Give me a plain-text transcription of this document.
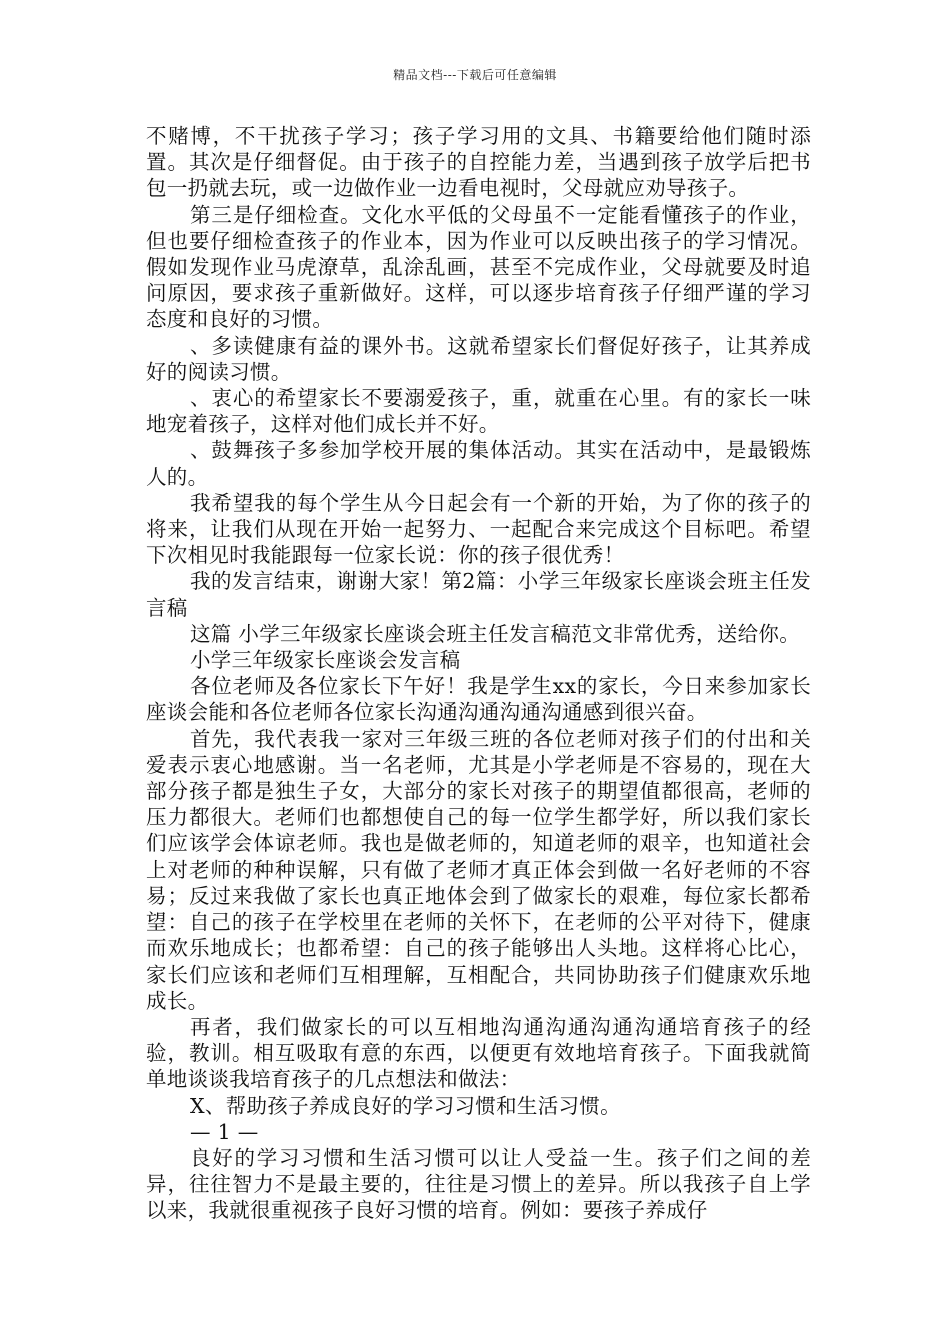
精品文档---下载后可任意编辑

不赌博，不干扰孩子学习；孩子学习用的文具、书籍要给他们随时添置。其次是仔细督促。由于孩子的自控能力差，当遇到孩子放学后把书包一扔就去玩，或一边做作业一边看电视时，父母就应劝导孩子。

第三是仔细检查。文化水平低的父母虽不一定能看懂孩子的作业，但也要仔细检查孩子的作业本，因为作业可以反映出孩子的学习情况。假如发现作业马虎潦草，乱涂乱画，甚至不完成作业，父母就要及时追问原因，要求孩子重新做好。这样，可以逐步培育孩子仔细严谨的学习态度和良好的习惯。

、多读健康有益的课外书。这就希望家长们督促好孩子，让其养成好的阅读习惯。

、衷心的希望家长不要溺爱孩子，重，就重在心里。有的家长一味地宠着孩子，这样对他们成长并不好。

、鼓舞孩子多参加学校开展的集体活动。其实在活动中，是最锻炼人的。

我希望我的每个学生从今日起会有一个新的开始，为了你的孩子的将来，让我们从现在开始一起努力、一起配合来完成这个目标吧。希望下次相见时我能跟每一位家长说：你的孩子很优秀！

我的发言结束，谢谢大家！第2篇：小学三年级家长座谈会班主任发言稿

这篇 小学三年级家长座谈会班主任发言稿范文非常优秀，送给你。

小学三年级家长座谈会发言稿

各位老师及各位家长下午好！我是学生xx的家长，今日来参加家长座谈会能和各位老师各位家长沟通沟通沟通沟通感到很兴奋。

首先，我代表我一家对三年级三班的各位老师对孩子们的付出和关爱表示衷心地感谢。当一名老师，尤其是小学老师是不容易的，现在大部分孩子都是独生子女，大部分的家长对孩子的期望值都很高，老师的压力都很大。老师们也都想使自己的每一位学生都学好，所以我们家长们应该学会体谅老师。我也是做老师的，知道老师的艰辛，也知道社会上对老师的种种误解，只有做了老师才真正体会到做一名好老师的不容易；反过来我做了家长也真正地体会到了做家长的艰难，每位家长都希望：自己的孩子在学校里在老师的关怀下，在老师的公平对待下，健康而欢乐地成长；也都希望：自己的孩子能够出人头地。这样将心比心，家长们应该和老师们互相理解，互相配合，共同协助孩子们健康欢乐地成长。

再者，我们做家长的可以互相地沟通沟通沟通沟通培育孩子的经验，教训。相互吸取有意的东西，以便更有效地培育孩子。下面我就简单地谈谈我培育孩子的几点想法和做法：

X、帮助孩子养成良好的学习习惯和生活习惯。

— 1 —

良好的学习习惯和生活习惯可以让人受益一生。孩子们之间的差异，往往智力不是最主要的，往往是习惯上的差异。所以我孩子自上学以来，我就很重视孩子良好习惯的培育。例如：要孩子养成仔
